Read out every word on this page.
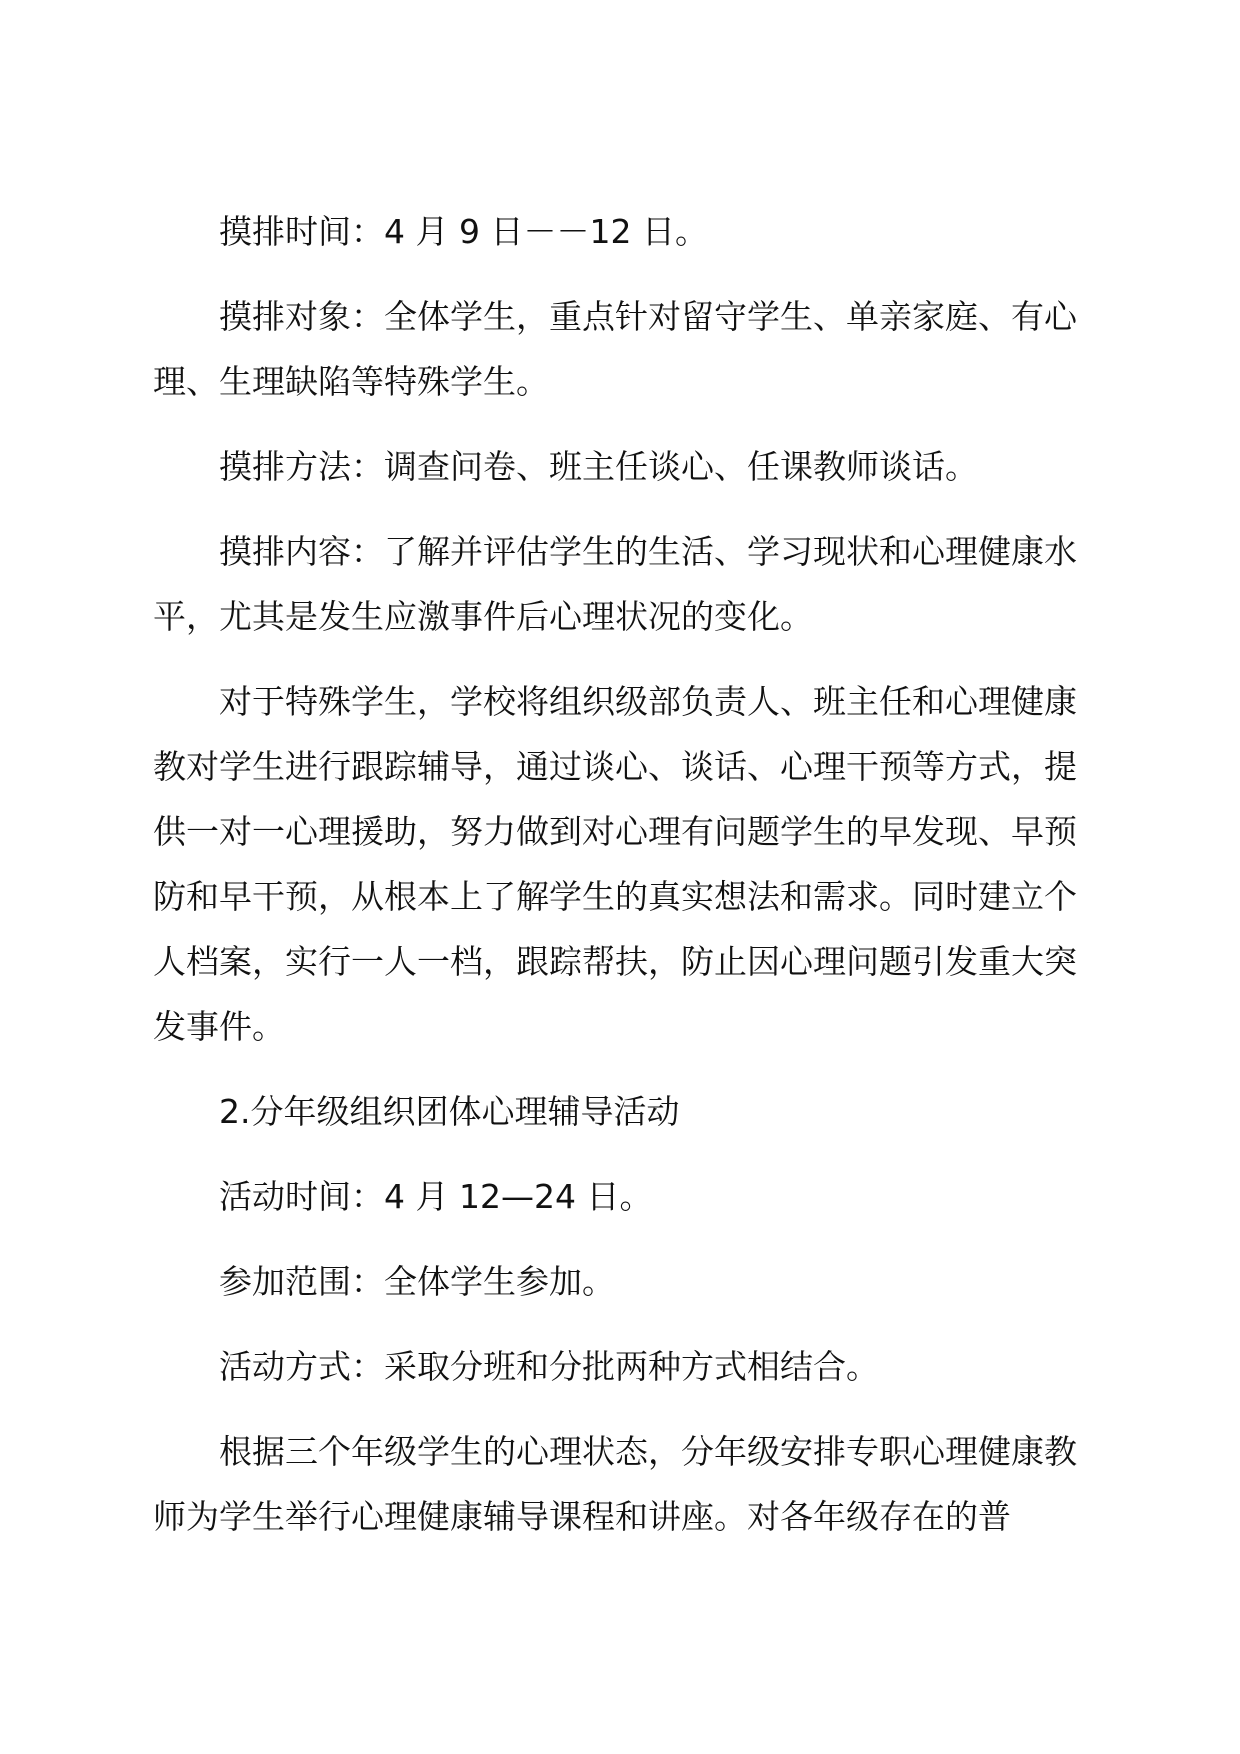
摸排时间：4 月 9 日－－12 日。

摸排对象：全体学生，重点针对留守学生、单亲家庭、有心理、生理缺陷等特殊学生。

摸排方法：调查问卷、班主任谈心、任课教师谈话。

摸排内容：了解并评估学生的生活、学习现状和心理健康水平，尤其是发生应激事件后心理状况的变化。

对于特殊学生，学校将组织级部负责人、班主任和心理健康教对学生进行跟踪辅导，通过谈心、谈话、心理干预等方式，提供一对一心理援助，努力做到对心理有问题学生的早发现、早预防和早干预，从根本上了解学生的真实想法和需求。同时建立个人档案，实行一人一档，跟踪帮扶，防止因心理问题引发重大突发事件。

2.分年级组织团体心理辅导活动

活动时间：4 月 12—24 日。

参加范围：全体学生参加。

活动方式：采取分班和分批两种方式相结合。

根据三个年级学生的心理状态，分年级安排专职心理健康教师为学生举行心理健康辅导课程和讲座。对各年级存在的普
